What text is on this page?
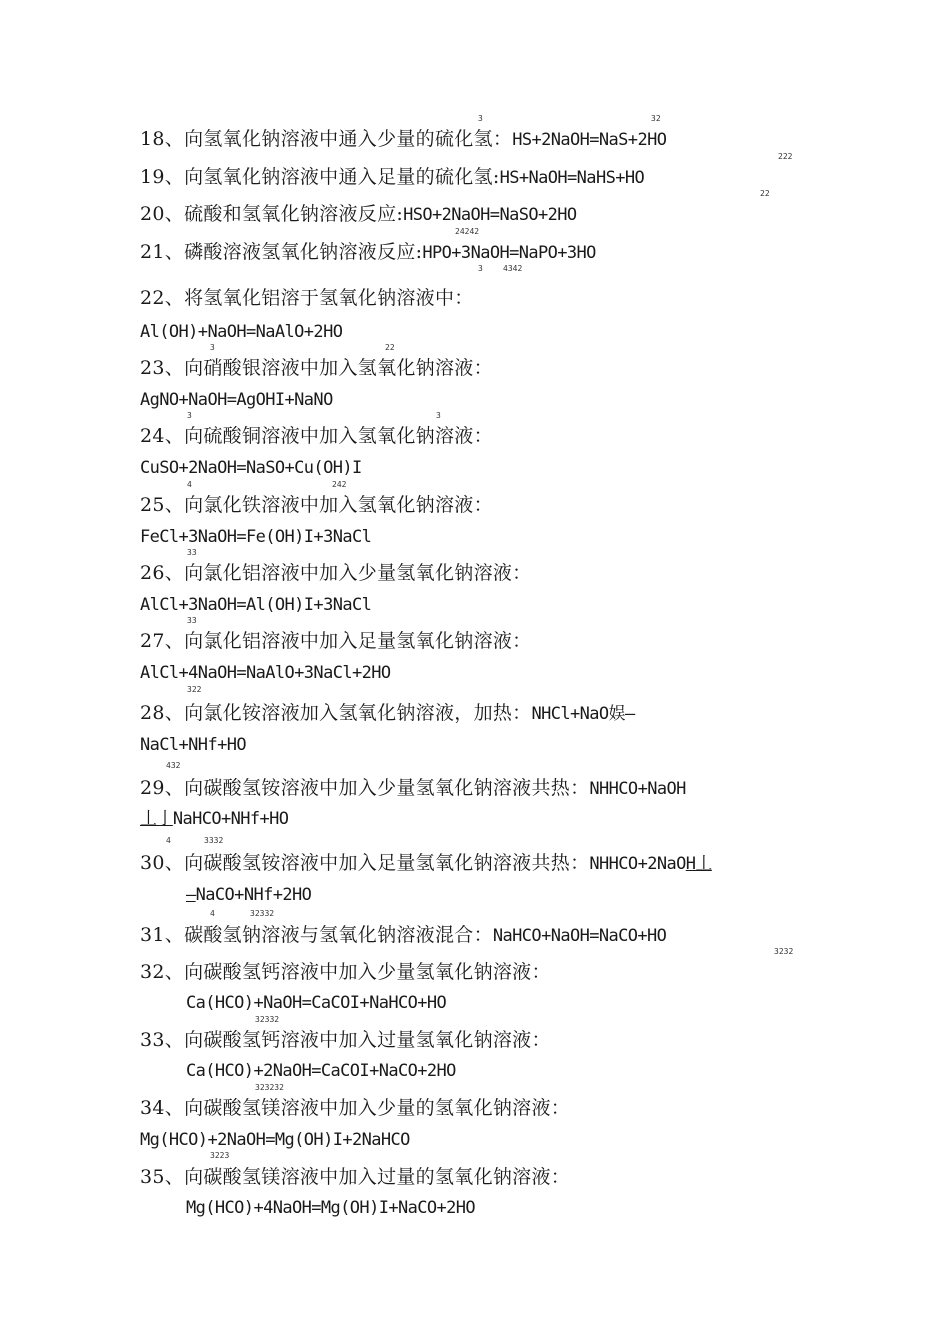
3	32
18、向氢氧化钠溶液中通入少量的硫化氢：HS+2NaOH=NaS+2HO
222
19、向氢氧化钠溶液中通入足量的硫化氢:HS+NaOH=NaHS+HO
22
20、硫酸和氢氧化钠溶液反应:HSO+2NaOH=NaSO+2HO
24242
21、磷酸溶液氢氧化钠溶液反应:HPO+3NaOH=NaPO+3HO
3	4342
22、将氢氧化铝溶于氢氧化钠溶液中：
Al(OH)+NaOH=NaAlO+2HO
3	22
23、向硝酸银溶液中加入氢氧化钠溶液：
AgNO+NaOH=AgOHI+NaNO
3	3
24、向硫酸铜溶液中加入氢氧化钠溶液：
CuSO+2NaOH=NaSO+Cu(OH)I
4	242
25、向氯化铁溶液中加入氢氧化钠溶液：
FeCl+3NaOH=Fe(OH)I+3NaCl
33
26、向氯化铝溶液中加入少量氢氧化钠溶液：
AlCl+3NaOH=Al(OH)I+3NaCl
33
27、向氯化铝溶液中加入足量氢氧化钠溶液：
AlCl+4NaOH=NaAlO+3NaCl+2HO
322
28、向氯化铵溶液加入氢氧化钠溶液，加热：NHCl+NaO娱—
NaCl+NHf+HO
432
29、向碳酸氢铵溶液中加入少量氢氧化钠溶液共热：NHHCO+NaOH
丄亅NaHCO+NHf+HO
4	3332
30、向碳酸氢铵溶液中加入足量氢氧化钠溶液共热：NHHCO+2NaOH丄
—NaCO+NHf+2HO
4	32332
31、碳酸氢钠溶液与氢氧化钠溶液混合：NaHCO+NaOH=NaCO+HO
3232
32、向碳酸氢钙溶液中加入少量氢氧化钠溶液：
Ca(HCO)+NaOH=CaCOI+NaHCO+HO
32332
33、向碳酸氢钙溶液中加入过量氢氧化钠溶液：
Ca(HCO)+2NaOH=CaCOI+NaCO+2HO
323232
34、向碳酸氢镁溶液中加入少量的氢氧化钠溶液：
Mg(HCO)+2NaOH=Mg(OH)I+2NaHCO
3223
35、向碳酸氢镁溶液中加入过量的氢氧化钠溶液：
Mg(HCO)+4NaOH=Mg(OH)I+NaCO+2HO
